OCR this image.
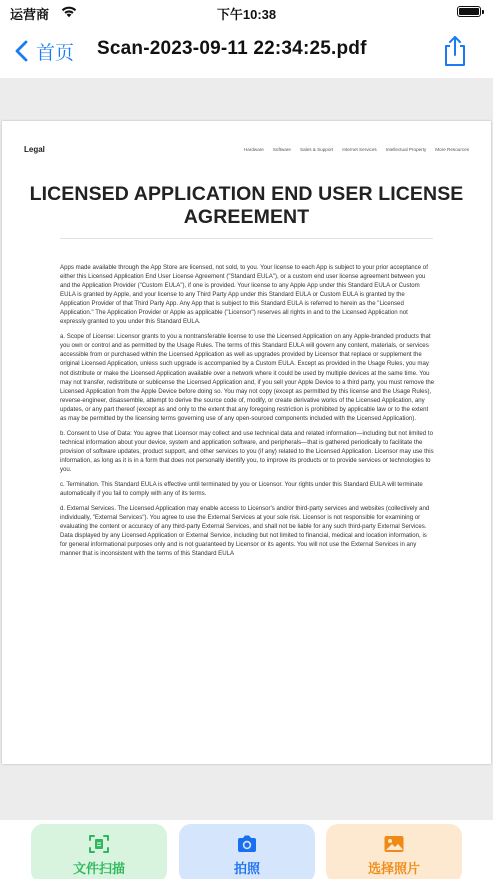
运营商	下午10:38
首页 Scan-2023-09-11 22:34:25.pdf
Legal	Hardware Software Sales & Support Internet Services Intellectual Property More Resources
LICENSED APPLICATION END USER LICENSE AGREEMENT

Apps made available through the App Store are licensed, not sold, to you. Your license to each App is subject to your prior acceptance of either this Licensed Application End User License Agreement ("Standard EULA"), or a custom end user license agreement between you and the Application Provider ("Custom EULA"), if one is provided. Your license to any Apple App under this Standard EULA or Custom EULA is granted by Apple, and your license to any Third Party App under this Standard EULA or Custom EULA is granted by the Application Provider of that Third Party App. Any App that is subject to this Standard EULA is referred to herein as the "Licensed Application." The Application Provider or Apple as applicable ("Licensor") reserves all rights in and to the Licensed Application not expressly granted to you under this Standard EULA.

a. Scope of License: Licensor grants to you a nontransferable license to use the Licensed Application on any Apple-branded products that you own or control and as permitted by the Usage Rules. The terms of this Standard EULA will govern any content, materials, or services accessible from or purchased within the Licensed Application as well as upgrades provided by Licensor that replace or supplement the original Licensed Application, unless such upgrade is accompanied by a Custom EULA. Except as provided in the Usage Rules, you may not distribute or make the Licensed Application available over a network where it could be used by multiple devices at the same time. You may not transfer, redistribute or sublicense the Licensed Application and, if you sell your Apple Device to a third party, you must remove the Licensed Application from the Apple Device before doing so. You may not copy (except as permitted by this license and the Usage Rules), reverse-engineer, disassemble, attempt to derive the source code of, modify, or create derivative works of the Licensed Application, any updates, or any part thereof (except as and only to the extent that any foregoing restriction is prohibited by applicable law or to the extent as may be permitted by the licensing terms governing use of any open-sourced components included with the Licensed Application).

b. Consent to Use of Data: You agree that Licensor may collect and use technical data and related information—including but not limited to technical information about your device, system and application software, and peripherals—that is gathered periodically to facilitate the provision of software updates, product support, and other services to you (if any) related to the Licensed Application. Licensor may use this information, as long as it is in a form that does not personally identify you, to improve its products or to provide services or technologies to you.

c. Termination. This Standard EULA is effective until terminated by you or Licensor. Your rights under this Standard EULA will terminate automatically if you fail to comply with any of its terms.

d. External Services. The Licensed Application may enable access to Licensor's and/or third-party services and websites (collectively and individually, "External Services"). You agree to use the External Services at your sole risk. Licensor is not responsible for examining or evaluating the content or accuracy of any third-party External Services, and shall not be liable for any such third-party External Services. Data displayed by any Licensed Application or External Service, including but not limited to financial, medical and location information, is for general informational purposes only and is not guaranteed by Licensor or its agents. You will not use the External Services in any manner that is inconsistent with the terms of this Standard EULA

文件扫描	拍照	选择照片
